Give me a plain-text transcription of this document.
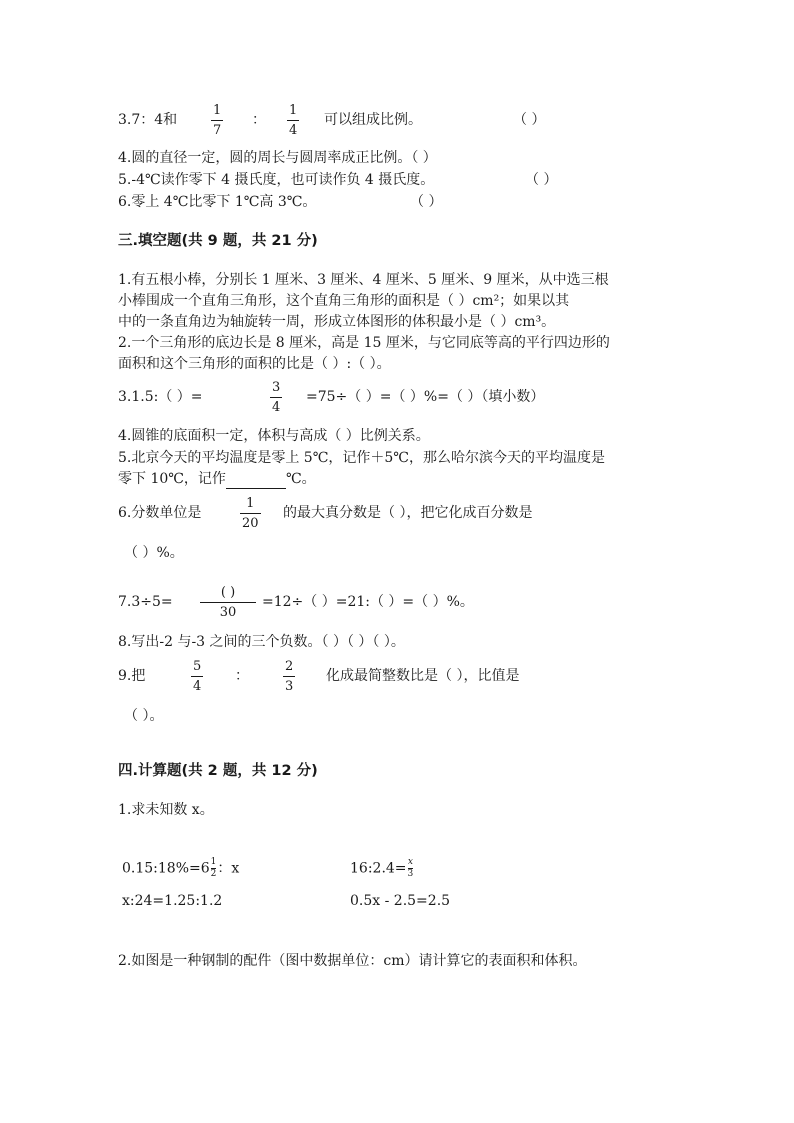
3.7：4和
1
7
：
1
4
可以组成比例。	（ ）
4.圆的直径一定，圆的周长与圆周率成正比例。（ ）
5.-4℃读作零下 4 摄氏度，也可读作负 4 摄氏度。	（ ）
6.零上 4℃比零下 1℃高 3℃。	（ ）
三.填空题(共 9 题，共 21 分)
1.有五根小棒，分别长 1 厘米、3 厘米、4 厘米、5 厘米、9 厘米，从中选三根
小棒围成一个直角三角形，这个直角三角形的面积是（ ）cm²；如果以其
中的一条直角边为轴旋转一周，形成立体图形的体积最小是（ ）cm³。
2.一个三角形的底边长是 8 厘米，高是 15 厘米，与它同底等高的平行四边形的
面积和这个三角形的面积的比是（ ）:（ ）。
3.1.5:（ ）=
3
4
=75÷（ ）=（ ）%=（ ）（填小数）
4.圆锥的底面积一定，体积与高成（ ）比例关系。
5.北京今天的平均温度是零上 5℃，记作＋5℃，那么哈尔滨今天的平均温度是
零下 10℃，记作	℃。
6.分数单位是
1
20
的最大真分数是（ ），把它化成百分数是
（ ）%。
7.3÷5=
( )
30
=12÷（ ）=21:（ ）=（ ）%。
8.写出-2 与-3 之间的三个负数。（ ）（ ）（ ）。
9.把
5
4
：
2
3
化成最简整数比是（ ），比值是
（ ）。
四.计算题(共 2 题，共 12 分)
1.求未知数 x。
0.15:18%=6 $\frac{1}{2}$ ：x	16:2.4= $\frac{x}{3}$
x:24=1.25:1.2	0.5x - 2.5=2.5
2.如图是一种钢制的配件（图中数据单位：cm）请计算它的表面积和体积。
